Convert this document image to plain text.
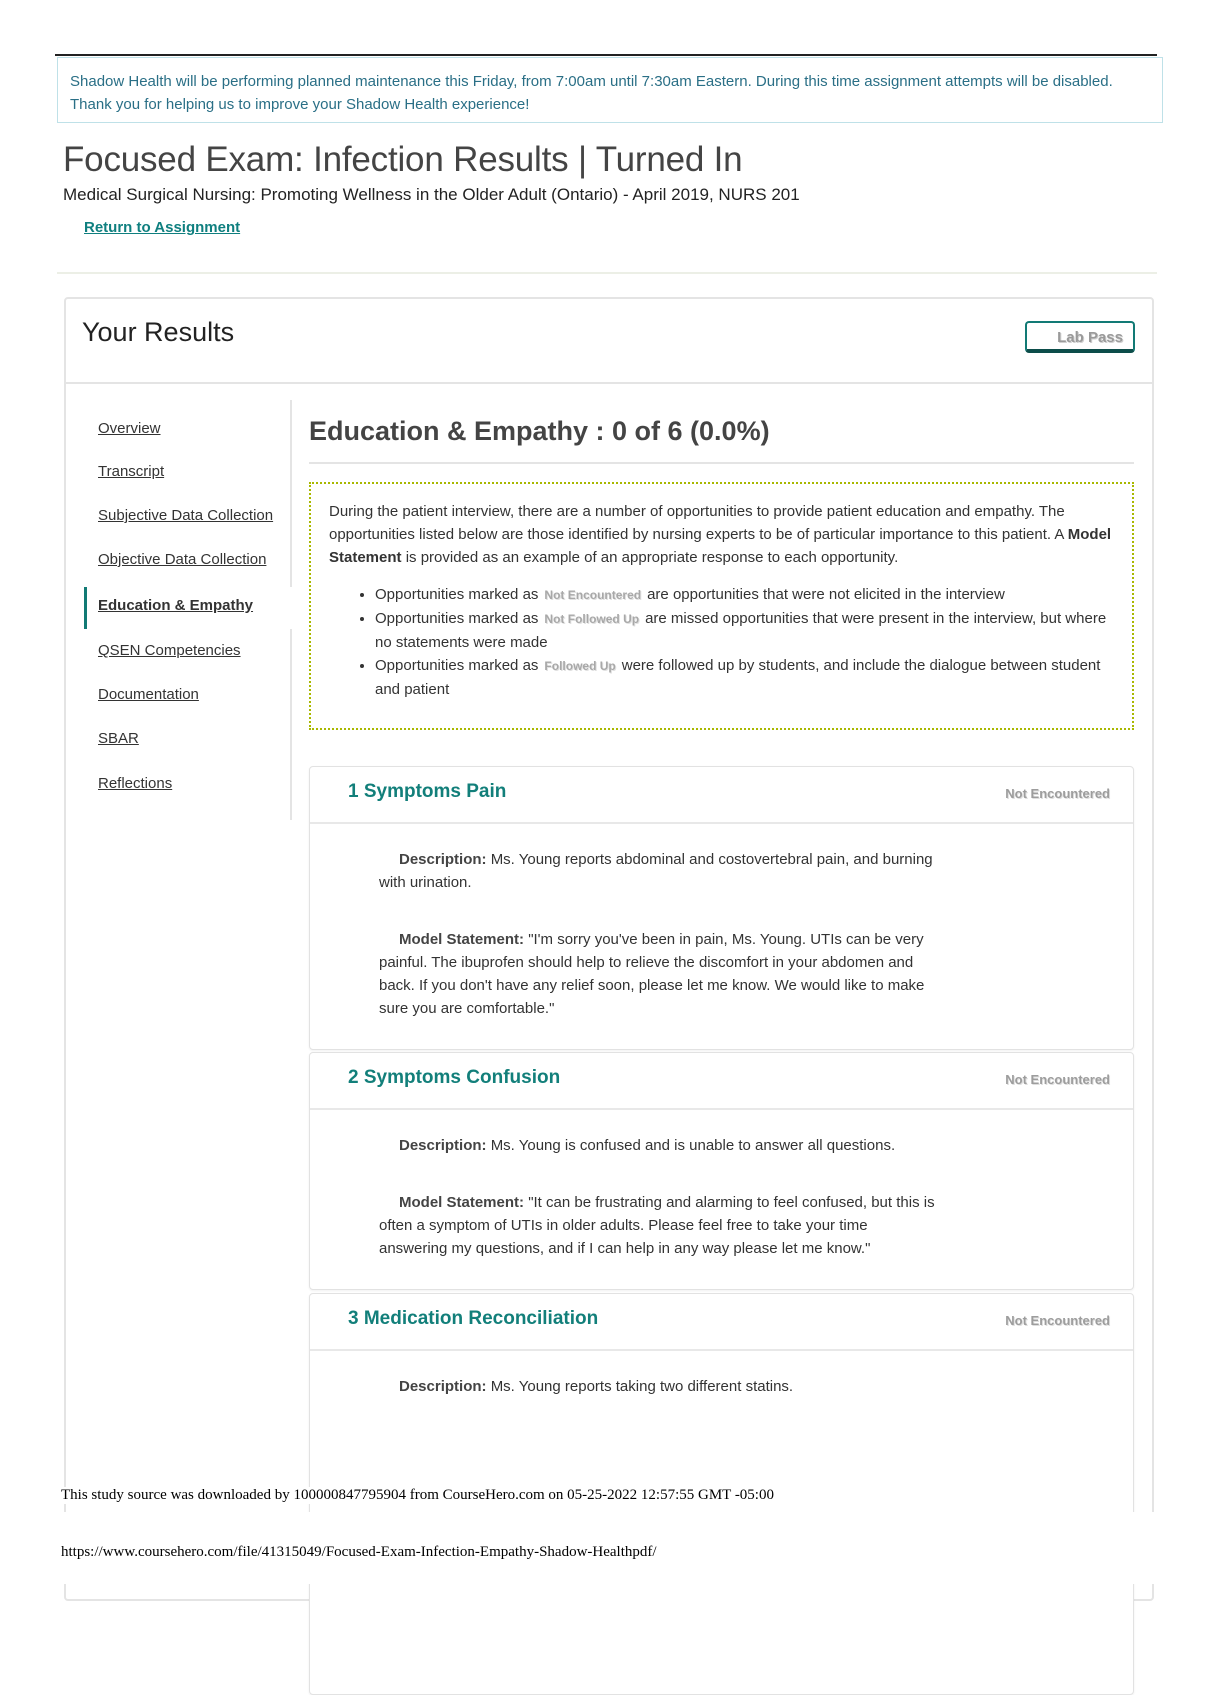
Shadow Health will be performing planned maintenance this Friday, from 7:00am until 7:30am Eastern. During this time assignment attempts will be disabled. Thank you for helping us to improve your Shadow Health experience!
Focused Exam: Infection Results | Turned In
Medical Surgical Nursing: Promoting Wellness in the Older Adult (Ontario) - April 2019, NURS 201
Return to Assignment
Your Results	Lab Pass
Overview
Transcript
Subjective Data Collection
Objective Data Collection
Education & Empathy
QSEN Competencies
Documentation
SBAR
Reflections
Education & Empathy : 0 of 6 (0.0%)

During the patient interview, there are a number of opportunities to provide patient education and empathy. The opportunities listed below are those identified by nursing experts to be of particular importance to this patient. A Model Statement is provided as an example of an appropriate response to each opportunity.

• Opportunities marked as Not Encountered are opportunities that were not elicited in the interview
• Opportunities marked as Not Followed Up are missed opportunities that were present in the interview, but where no statements were made
• Opportunities marked as Followed Up were followed up by students, and include the dialogue between student and patient
1 Symptoms Pain	Not Encountered

Description: Ms. Young reports abdominal and costovertebral pain, and burning with urination.

Model Statement: "I'm sorry you've been in pain, Ms. Young. UTIs can be very painful. The ibuprofen should help to relieve the discomfort in your abdomen and back. If you don't have any relief soon, please let me know. We would like to make sure you are comfortable."

2 Symptoms Confusion	Not Encountered

Description: Ms. Young is confused and is unable to answer all questions.

Model Statement: "It can be frustrating and alarming to feel confused, but this is often a symptom of UTIs in older adults. Please feel free to take your time answering my questions, and if I can help in any way please let me know."

3 Medication Reconciliation	Not Encountered

Description: Ms. Young reports taking two different statins.

This study source was downloaded by 100000847795904 from CourseHero.com on 05-25-2022 12:57:55 GMT -05:00
https://www.coursehero.com/file/41315049/Focused-Exam-Infection-Empathy-Shadow-Healthpdf/
